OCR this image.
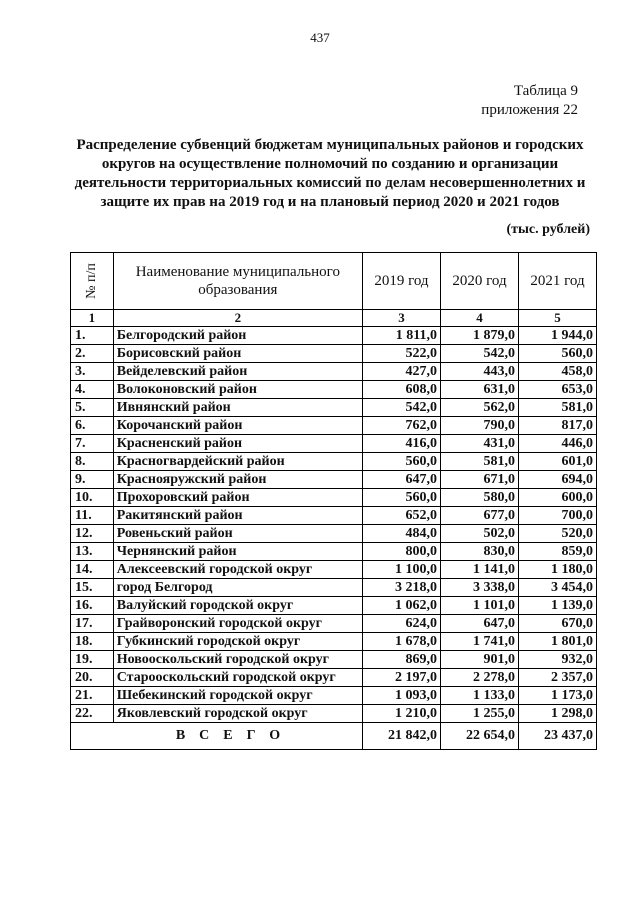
437
Таблица 9
приложения 22
Распределение субвенций бюджетам муниципальных районов и городских округов на осуществление полномочий по созданию и организации деятельности территориальных комиссий по делам несовершеннолетних и защите их прав на 2019 год и на плановый период 2020 и 2021 годов
(тыс. рублей)
№ п/п	Наименование муниципального образования	2019 год	2020 год	2021 год
1	2	3	4	5
1.	Белгородский район	1 811,0	1 879,0	1 944,0
2.	Борисовский район	522,0	542,0	560,0
3.	Вейделевский район	427,0	443,0	458,0
4.	Волоконовский район	608,0	631,0	653,0
5.	Ивнянский район	542,0	562,0	581,0
6.	Корочанский район	762,0	790,0	817,0
7.	Красненский район	416,0	431,0	446,0
8.	Красногвардейский район	560,0	581,0	601,0
9.	Краснояружский район	647,0	671,0	694,0
10.	Прохоровский район	560,0	580,0	600,0
11.	Ракитянский район	652,0	677,0	700,0
12.	Ровеньский район	484,0	502,0	520,0
13.	Чернянский район	800,0	830,0	859,0
14.	Алексеевский городской округ	1 100,0	1 141,0	1 180,0
15.	город Белгород	3 218,0	3 338,0	3 454,0
16.	Валуйский городской округ	1 062,0	1 101,0	1 139,0
17.	Грайворонский городской округ	624,0	647,0	670,0
18.	Губкинский городской округ	1 678,0	1 741,0	1 801,0
19.	Новооскольский городской округ	869,0	901,0	932,0
20.	Старооскольский городской округ	2 197,0	2 278,0	2 357,0
21.	Шебекинский городской округ	1 093,0	1 133,0	1 173,0
22.	Яковлевский городской округ	1 210,0	1 255,0	1 298,0
ВСЕГО		21 842,0	22 654,0	23 437,0
